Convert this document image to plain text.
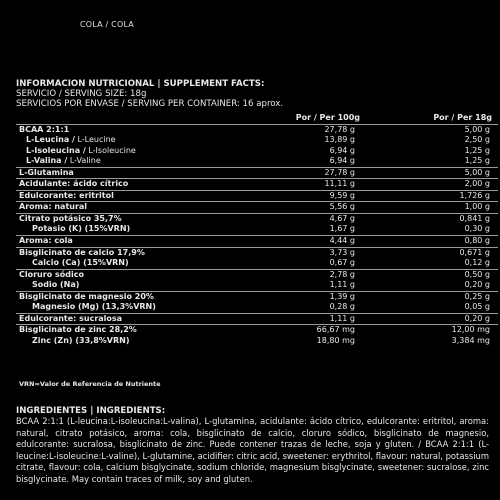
COLA / COLA
INFORMACION NUTRICIONAL | SUPPLEMENT FACTS:
SERVICIO / SERVING SIZE: 18g
SERVICIOS POR ENVASE / SERVING PER CONTAINER: 16 aprox.
Por / Per 100g	Por / Per 18g
BCAA 2:1:1	27,78 g	5,00 g
L-Leucina / L-Leucine	13,89 g	2,50 g
L-Isoleucina / L-Isoleucine	6,94 g	1,25 g
L-Valina / L-Valine	6,94 g	1,25 g
L-Glutamina	27,78 g	5,00 g
Acidulante: ácido cítrico	11,11 g	2,00 g
Edulcorante: eritritol	9,59 g	1,726 g
Aroma: natural	5,56 g	1,00 g
Citrato potásico 35,7%	4,67 g	0,841 g
Potasio (K) (15%VRN)	1,67 g	0,30 g
Aroma: cola	4,44 g	0,80 g
Bisglicinato de calcio 17,9%	3,73 g	0,671 g
Calcio (Ca) (15%VRN)	0,67 g	0,12 g
Cloruro sódico	2,78 g	0,50 g
Sodio (Na)	1,11 g	0,20 g
Bisglicinato de magnesio 20%	1,39 g	0,25 g
Magnesio (Mg) (13,3%VRN)	0,28 g	0,05 g
Edulcorante: sucralosa	1,11 g	0,20 g
Bisglicinato de zinc 28,2%	66,67 mg	12,00 mg
Zinc (Zn) (33,8%VRN)	18,80 mg	3,384 mg
VRN=Valor de Referencia de Nutriente
INGREDIENTES | INGREDIENTS:
BCAA 2:1:1 (L-leucina:L-isoleucina:L-valina), L-glutamina, acidulante: ácido cítrico, edulcorante: eritritol, aroma: natural, citrato potásico, aroma: cola, bisglicinato de calcio, cloruro sódico, bisglicinato de magnesio, edulcorante: sucralosa, bisglicinato de zinc. Puede contener trazas de leche, soja y gluten. / BCAA 2:1:1 (L-leucine:L-isoleucine:L-valine), L-glutamine, acidifier: citric acid, sweetener: erythritol, flavour: natural, potassium citrate, flavour: cola, calcium bisglycinate, sodium chloride, magnesium bisglycinate, sweetener: sucralose, zinc bisglycinate. May contain traces of milk, soy and gluten.
